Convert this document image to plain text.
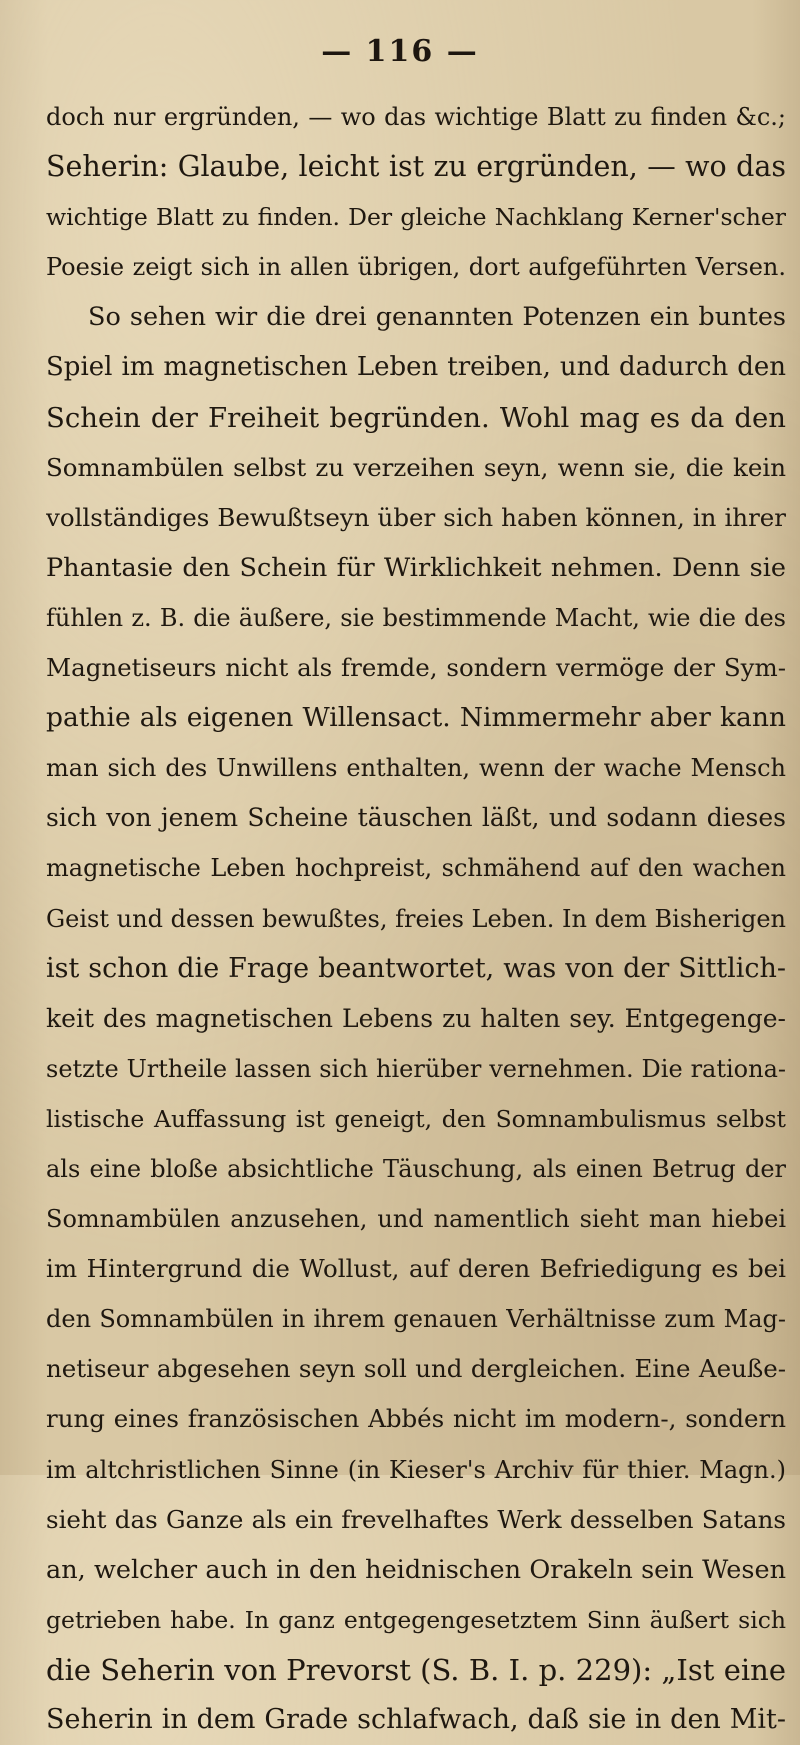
— 116 —
doch nur ergründen, — wo das wichtige Blatt zu finden &c.;
Seherin: Glaube, leicht ist zu ergründen, — wo das
wichtige Blatt zu finden. Der gleiche Nachklang Kerner'scher
Poesie zeigt sich in allen übrigen, dort aufgeführten Versen.
So sehen wir die drei genannten Potenzen ein buntes
Spiel im magnetischen Leben treiben, und dadurch den
Schein der Freiheit begründen. Wohl mag es da den
Somnambülen selbst zu verzeihen seyn, wenn sie, die kein
vollständiges Bewußtseyn über sich haben können, in ihrer
Phantasie den Schein für Wirklichkeit nehmen. Denn sie
fühlen z. B. die äußere, sie bestimmende Macht, wie die des
Magnetiseurs nicht als fremde, sondern vermöge der Sym-
pathie als eigenen Willensact. Nimmermehr aber kann
man sich des Unwillens enthalten, wenn der wache Mensch
sich von jenem Scheine täuschen läßt, und sodann dieses
magnetische Leben hochpreist, schmähend auf den wachen
Geist und dessen bewußtes, freies Leben. In dem Bisherigen
ist schon die Frage beantwortet, was von der Sittlich-
keit des magnetischen Lebens zu halten sey. Entgegenge-
setzte Urtheile lassen sich hierüber vernehmen. Die rationa-
listische Auffassung ist geneigt, den Somnambulismus selbst
als eine bloße absichtliche Täuschung, als einen Betrug der
Somnambülen anzusehen, und namentlich sieht man hiebei
im Hintergrund die Wollust, auf deren Befriedigung es bei
den Somnambülen in ihrem genauen Verhältnisse zum Mag-
netiseur abgesehen seyn soll und dergleichen. Eine Aeuße-
rung eines französischen Abbés nicht im modern-, sondern
im altchristlichen Sinne (in Kieser's Archiv für thier. Magn.)
sieht das Ganze als ein frevelhaftes Werk desselben Satans
an, welcher auch in den heidnischen Orakeln sein Wesen
getrieben habe. In ganz entgegengesetztem Sinn äußert sich
die Seherin von Prevorst (S. B. I. p. 229): „Ist eine
Seherin in dem Grade schlafwach, daß sie in den Mit-
